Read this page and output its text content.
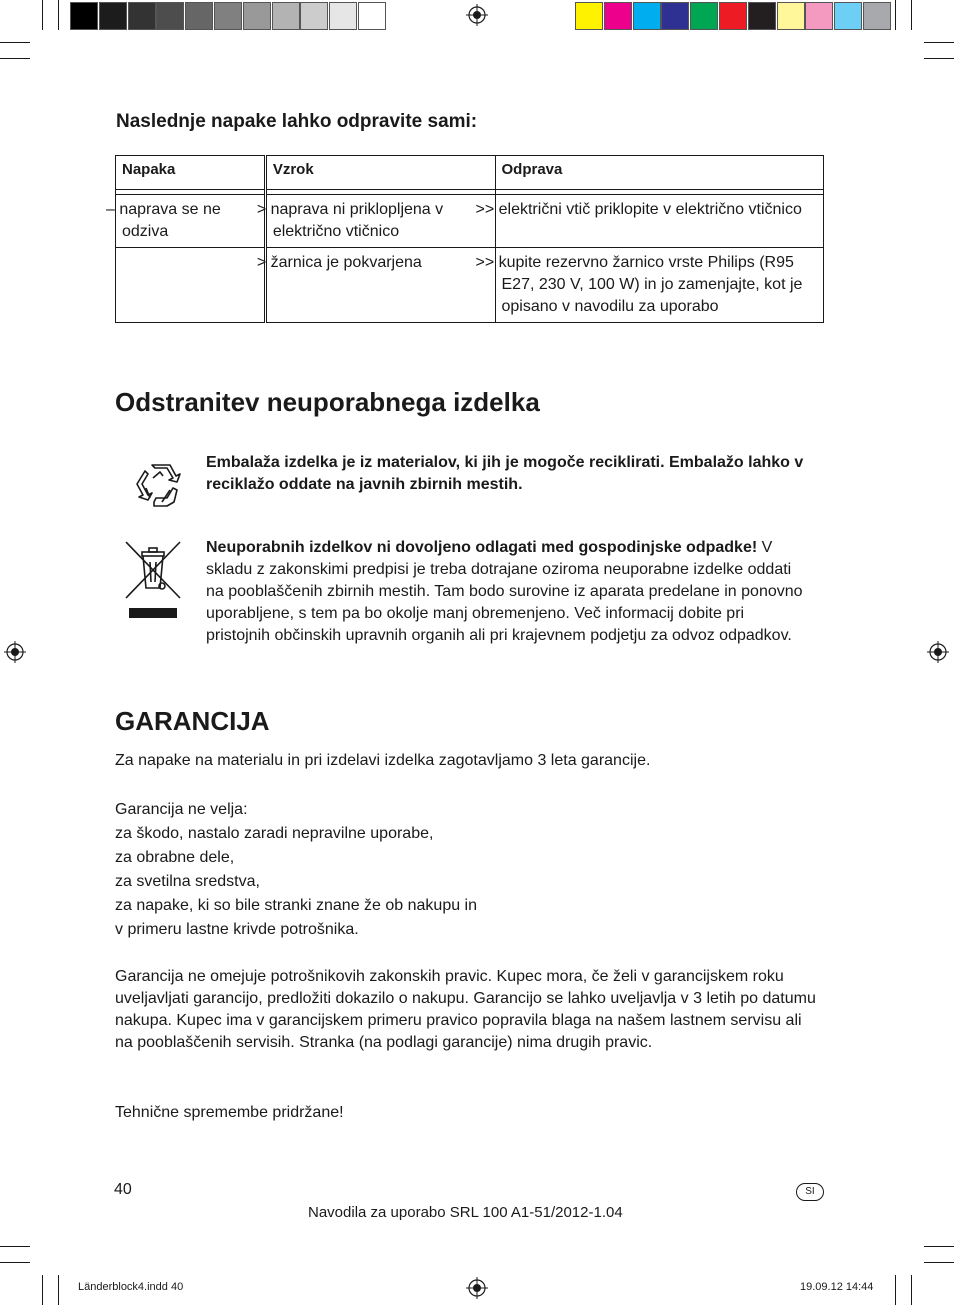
Naslednje napake lahko odpravite sami:
Napaka	Vzrok	Odprava

– naprava se ne odziva	> naprava ni priklopljena v električno vtičnico	>> električni vtič priklopite v električno vtičnico
	> žarnica je pokvarjena	>> kupite rezervno žarnico vrste Philips (R95 E27, 230 V, 100 W) in jo zamenjajte, kot je opisano v navodilu za uporabo
Odstranitev neuporabnega izdelka
Embalaža izdelka je iz materialov, ki jih je mogoče reciklirati. Embalažo lahko v reciklažo oddate na javnih zbirnih mestih.
Neuporabnih izdelkov ni dovoljeno odlagati med gospodinjske odpadke! V skladu z zakonskimi predpisi je treba dotrajane oziroma neuporabne izdelke oddati na pooblaščenih zbirnih mestih. Tam bodo surovine iz aparata predelane in ponovno uporabljene, s tem pa bo okolje manj obremenjeno. Več informacij dobite pri pristojnih občinskih upravnih organih ali pri krajevnem podjetju za odvoz odpadkov.
GARANCIJA
Za napake na materialu in pri izdelavi izdelka zagotavljamo 3 leta garancije.
Garancija ne velja:
za škodo, nastalo zaradi nepravilne uporabe,
za obrabne dele,
za svetilna sredstva,
za napake, ki so bile stranki znane že ob nakupu in
v primeru lastne krivde potrošnika.
Garancija ne omejuje potrošnikovih zakonskih pravic. Kupec mora, če želi v garancijskem roku uveljavljati garancijo, predložiti dokazilo o nakupu. Garancijo se lahko uveljavlja v 3 letih po datumu nakupa. Kupec ima v garancijskem primeru pravico popravila blaga na našem lastnem servisu ali na pooblaščenih servisih. Stranka (na podlagi garancije) nima drugih pravic.
Tehnične spremembe pridržane!
40	SI
Navodila za uporabo SRL 100 A1-51/2012-1.04
Länderblock4.indd 40	19.09.12 14:44
